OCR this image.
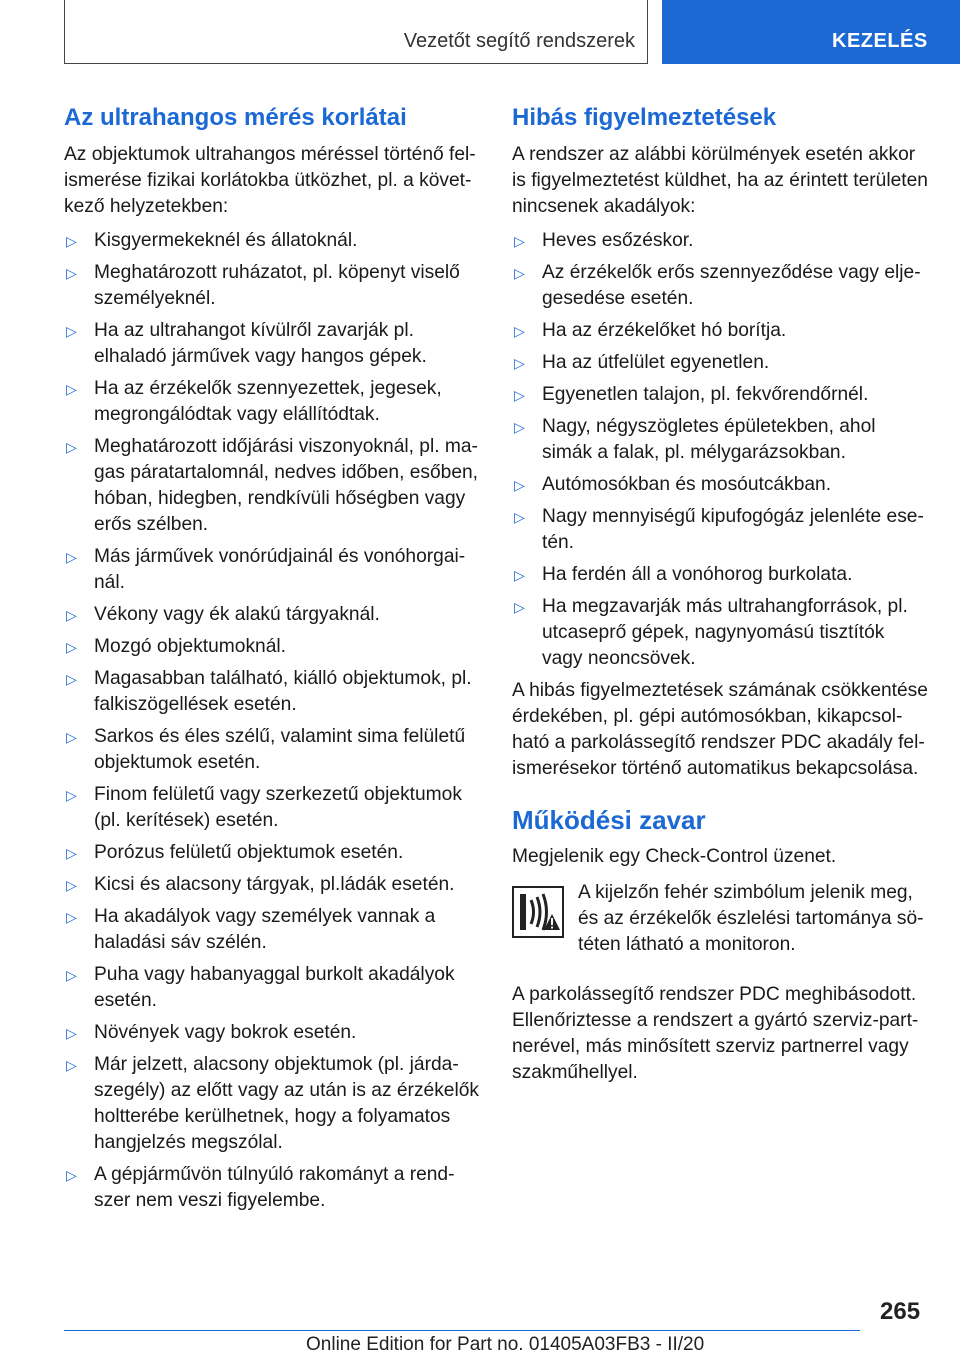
Vezetőt segítő rendszerek	KEZELÉS
Az ultrahangos mérés korlátai

Az objektumok ultrahangos méréssel történő felismerése fizikai korlátokba ütközhet, pl. a következő helyzetekben:

▷ Kisgyermekeknél és állatoknál.
▷ Meghatározott ruházatot, pl. köpenyt viselő személyeknél.
▷ Ha az ultrahangot kívülről zavarják pl. elhaladó járművek vagy hangos gépek.
▷ Ha az érzékelők szennyezettek, jegesek, megrongálódtak vagy elállítódtak.
▷ Meghatározott időjárási viszonyoknál, pl. magas páratartalomnál, nedves időben, esőben, hóban, hidegben, rendkívüli hőségben vagy erős szélben.
▷ Más járművek vonórúdjainál és vonóhorgainál.
▷ Vékony vagy ék alakú tárgyaknál.
▷ Mozgó objektumoknál.
▷ Magasabban található, kiálló objektumok, pl. falkiszögellések esetén.
▷ Sarkos és éles szélű, valamint sima felületű objektumok esetén.
▷ Finom felületű vagy szerkezetű objektumok (pl. kerítések) esetén.
▷ Porózus felületű objektumok esetén.
▷ Kicsi és alacsony tárgyak, pl.ládák esetén.
▷ Ha akadályok vagy személyek vannak a haladási sáv szélén.
▷ Puha vagy habanyaggal burkolt akadályok esetén.
▷ Növények vagy bokrok esetén.
▷ Már jelzett, alacsony objektumok (pl. járdaszegély) az előtt vagy az után is az érzékelők holtterébe kerülhetnek, hogy a folyamatos hangjelzés megszólal.
▷ A gépjárművön túlnyúló rakományt a rendszer nem veszi figyelembe.
Hibás figyelmeztetések

A rendszer az alábbi körülmények esetén akkor is figyelmeztetést küldhet, ha az érintett területen nincsenek akadályok:

▷ Heves esőzéskor.
▷ Az érzékelők erős szennyeződése vagy eljegesedése esetén.
▷ Ha az érzékelőket hó borítja.
▷ Ha az útfelület egyenetlen.
▷ Egyenetlen talajon, pl. fekvőrendőrnél.
▷ Nagy, négyszögletes épületekben, ahol simák a falak, pl. mélygarázsokban.
▷ Autómosókban és mosóutcákban.
▷ Nagy mennyiségű kipufogógáz jelenléte esetén.
▷ Ha ferdén áll a vonóhorog burkolata.
▷ Ha megzavarják más ultrahangforrások, pl. utcaseprő gépek, nagynyomású tisztítók vagy neoncsövek.

A hibás figyelmeztetések számának csökkentése érdekében, pl. gépi autómosókban, kikapcsolható a parkolássegítő rendszer PDC akadály felismerésekor történő automatikus bekapcsolása.

Működési zavar

Megjelenik egy Check-Control üzenet.

A kijelzőn fehér szimbólum jelenik meg, és az érzékelők észlelési tartománya sötéten látható a monitoron.

A parkolássegítő rendszer PDC meghibásodott. Ellenőriztesse a rendszert a gyártó szerviz-partnerével, más minősített szerviz partnerrel vagy szakműhellyel.

265
Online Edition for Part no. 01405A03FB3 - II/20
